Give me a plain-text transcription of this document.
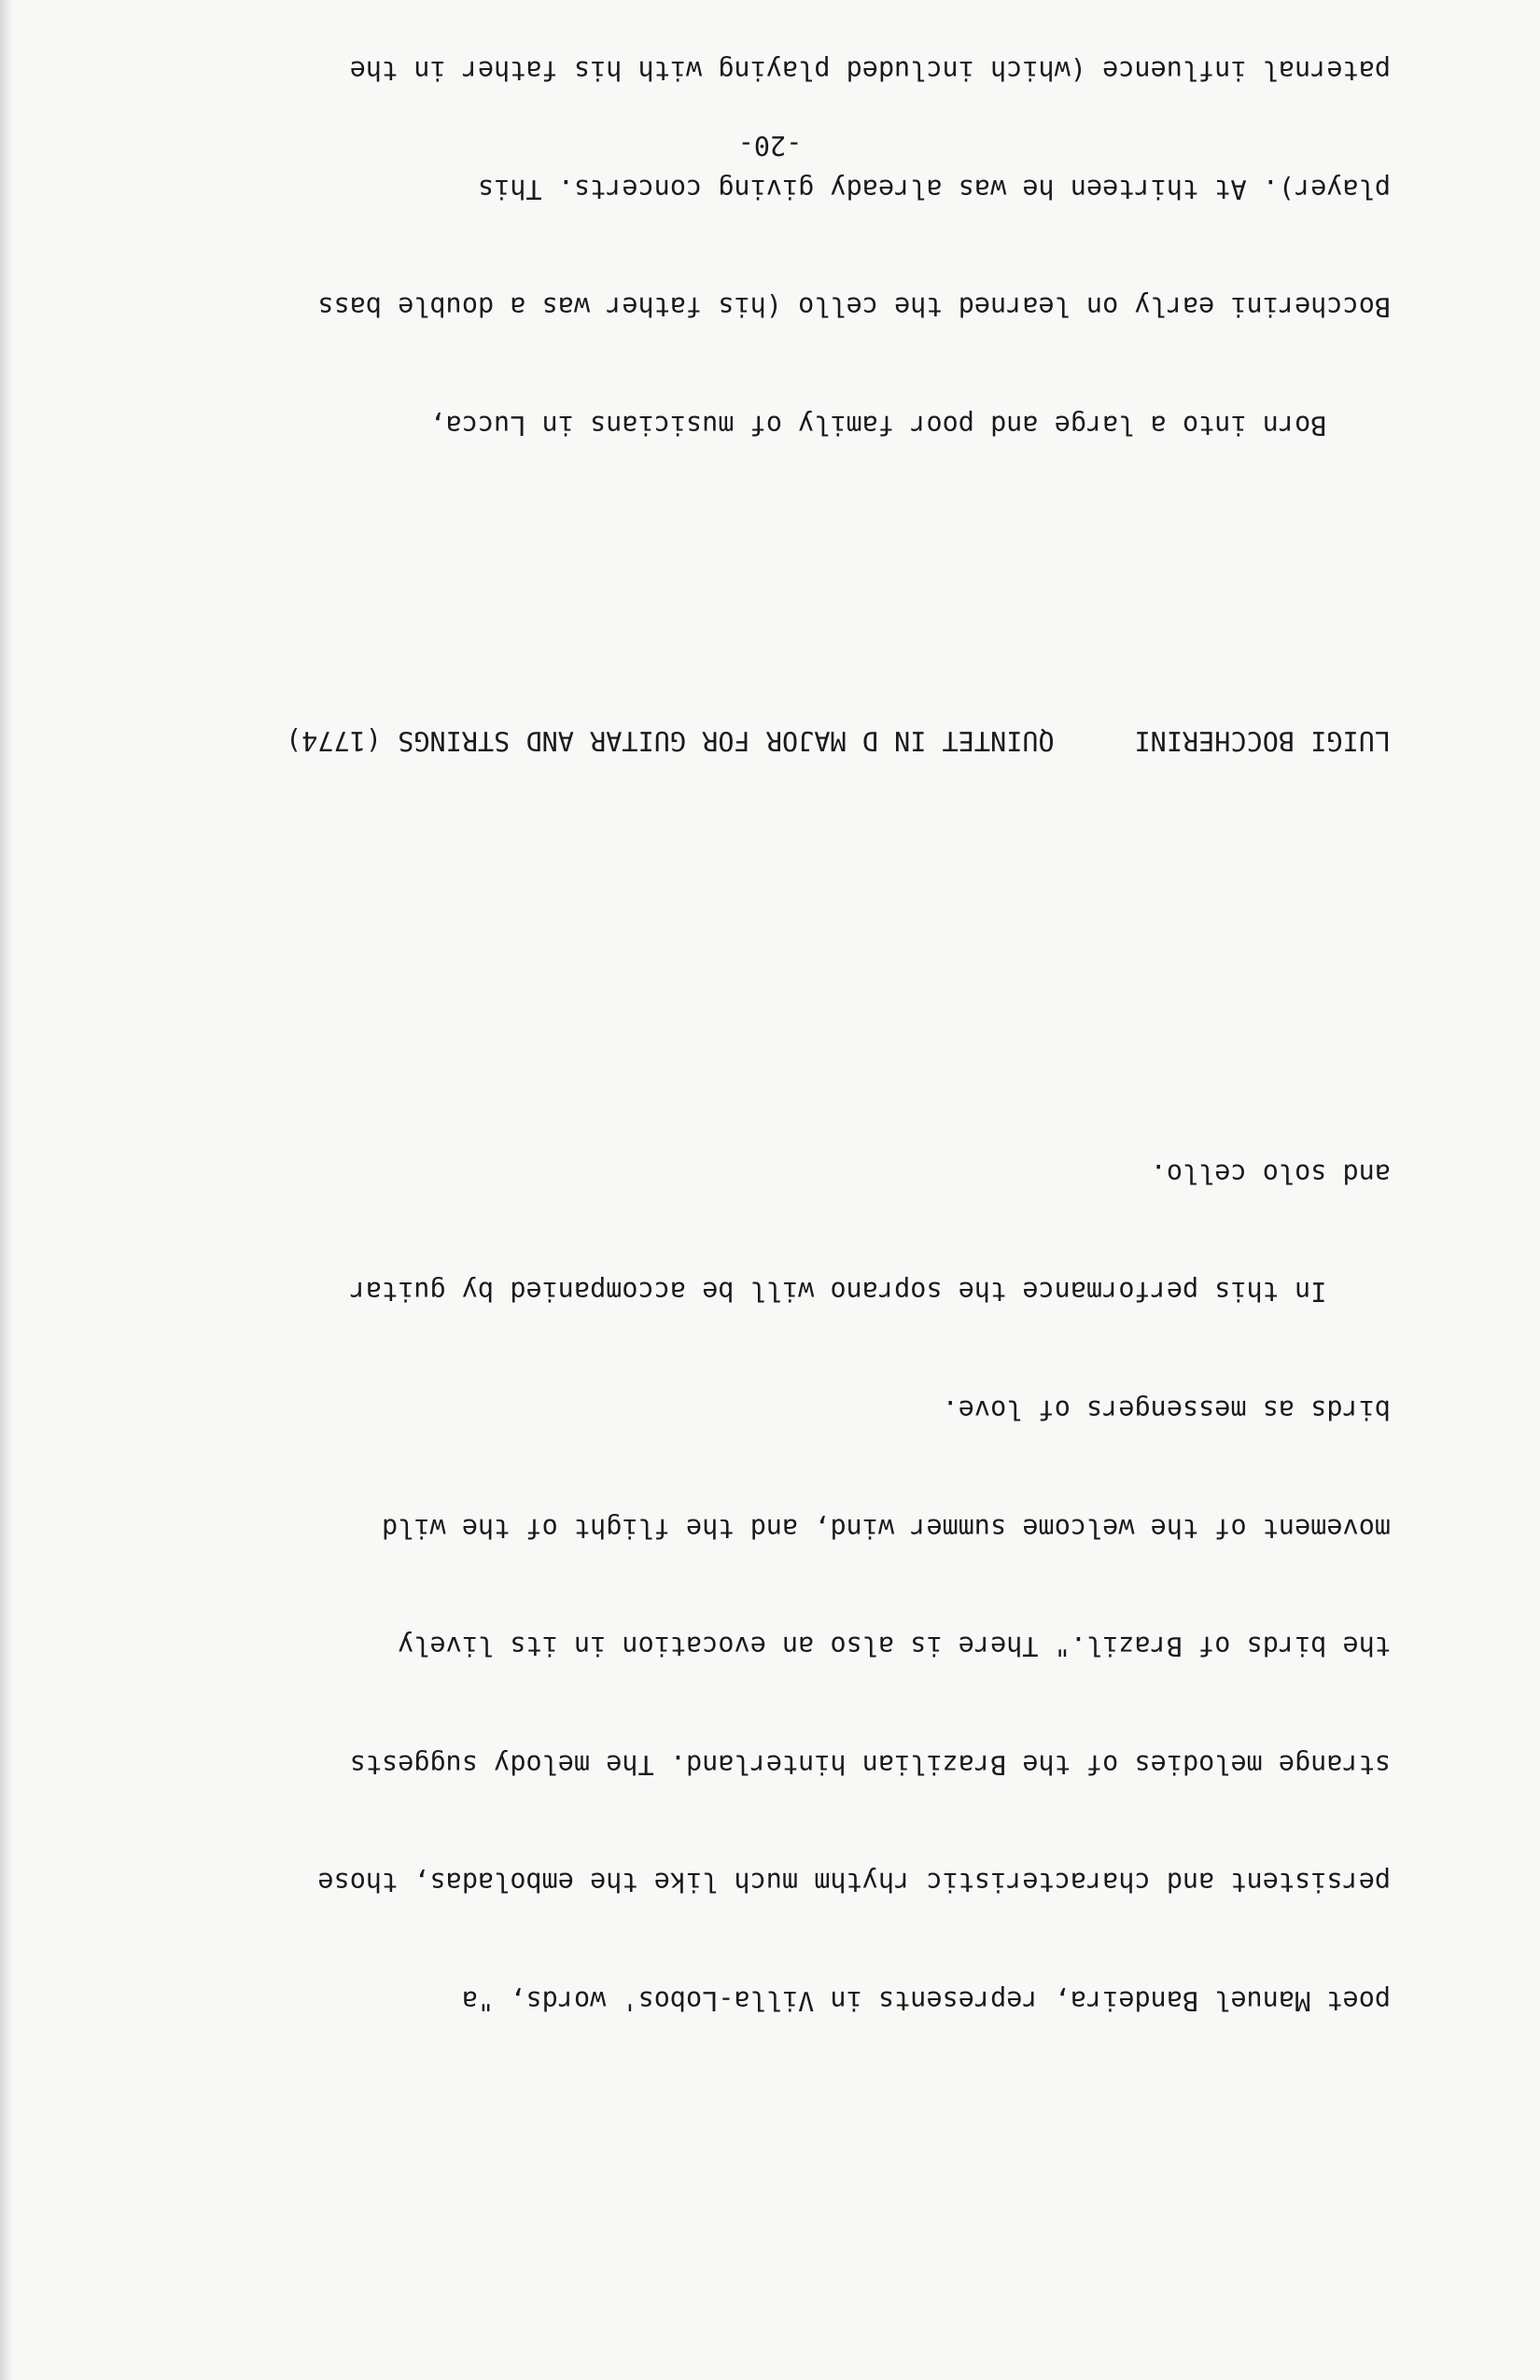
poet Manuel Bandeira, represents in Villa-Lobos' words, "a

persistent and characteristic rhythm much like the emboladas, those

strange melodies of the Brazilian hinterland. The melody suggests

the birds of Brazil." There is also an evocation in its lively

movement of the welcome summer wind, and the flight of the wild

birds as messengers of love.

In this performance the soprano will be accompanied by guitar

and solo cello.

LUIGI BOCCHERINI     QUINTET IN D MAJOR FOR GUITAR AND STRINGS (1774)

Born into a large and poor family of musicians in Lucca,

Boccherini early on learned the cello (his father was a double bass

player). At thirteen he was already giving concerts. This

paternal influence (which included playing with his father in the

-20-
